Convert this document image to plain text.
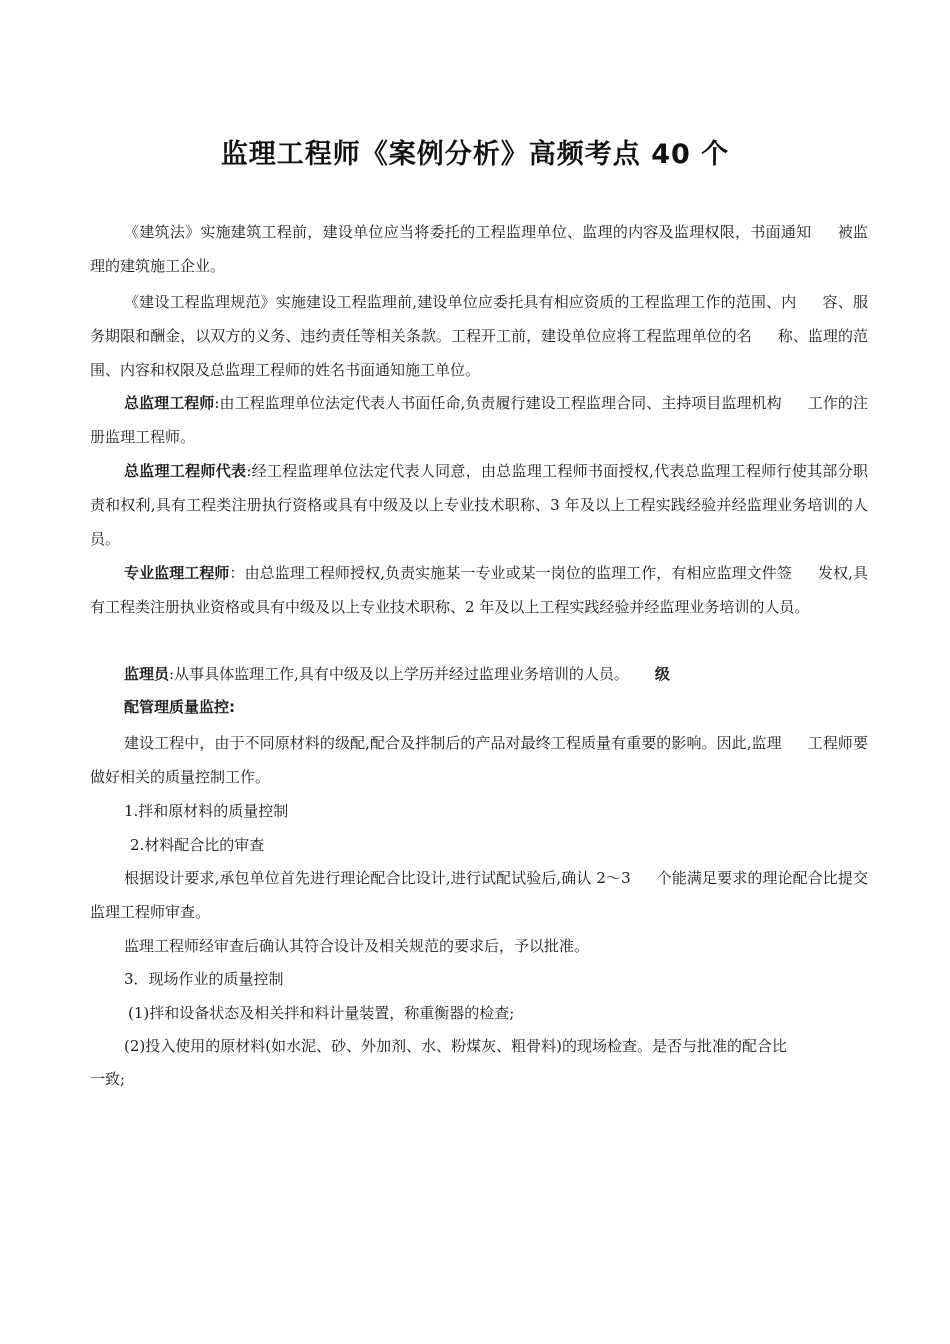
监理工程师《案例分析》高频考点 40 个

《建筑法》实施建筑工程前，建设单位应当将委托的工程监理单位、监理的内容及监理权限，书面通知 被监理的建筑施工企业。

《建设工程监理规范》实施建设工程监理前,建设单位应委托具有相应资质的工程监理工作的范围、内 容、服务期限和酬金，以双方的义务、违约责任等相关条款。工程开工前，建设单位应将工程监理单位的名 称、监理的范围、内容和权限及总监理工程师的姓名书面通知施工单位。

总监理工程师:由工程监理单位法定代表人书面任命,负责履行建设工程监理合同、主持项目监理机构 工作的注册监理工程师。

总监理工程师代表:经工程监理单位法定代表人同意，由总监理工程师书面授权,代表总监理工程师行使其部分职责和权利,具有工程类注册执行资格或具有中级及以上专业技术职称、3 年及以上工程实践经验并经监理业务培训的人员。

专业监理工程师：由总监理工程师授权,负责实施某一专业或某一岗位的监理工作，有相应监理文件签 发权,具有工程类注册执业资格或具有中级及以上专业技术职称、2 年及以上工程实践经验并经监理业务培训的人员。

监理员:从事具体监理工作,具有中级及以上学历并经过监理业务培训的人员。 级

配管理质量监控:

建设工程中，由于不同原材料的级配,配合及拌制后的产品对最终工程质量有重要的影响。因此,监理 工程师要做好相关的质量控制工作。

1.拌和原材料的质量控制

2.材料配合比的审查

根据设计要求,承包单位首先进行理论配合比设计,进行试配试验后,确认 2～3 个能满足要求的理论配合比提交监理工程师审查。

监理工程师经审查后确认其符合设计及相关规范的要求后，予以批准。

3．现场作业的质量控制

(1)拌和设备状态及相关拌和料计量装置，称重衡器的检查;

(2)投入使用的原材料(如水泥、砂、外加剂、水、粉煤灰、粗骨料)的现场检查。是否与批准的配合比

一致;
